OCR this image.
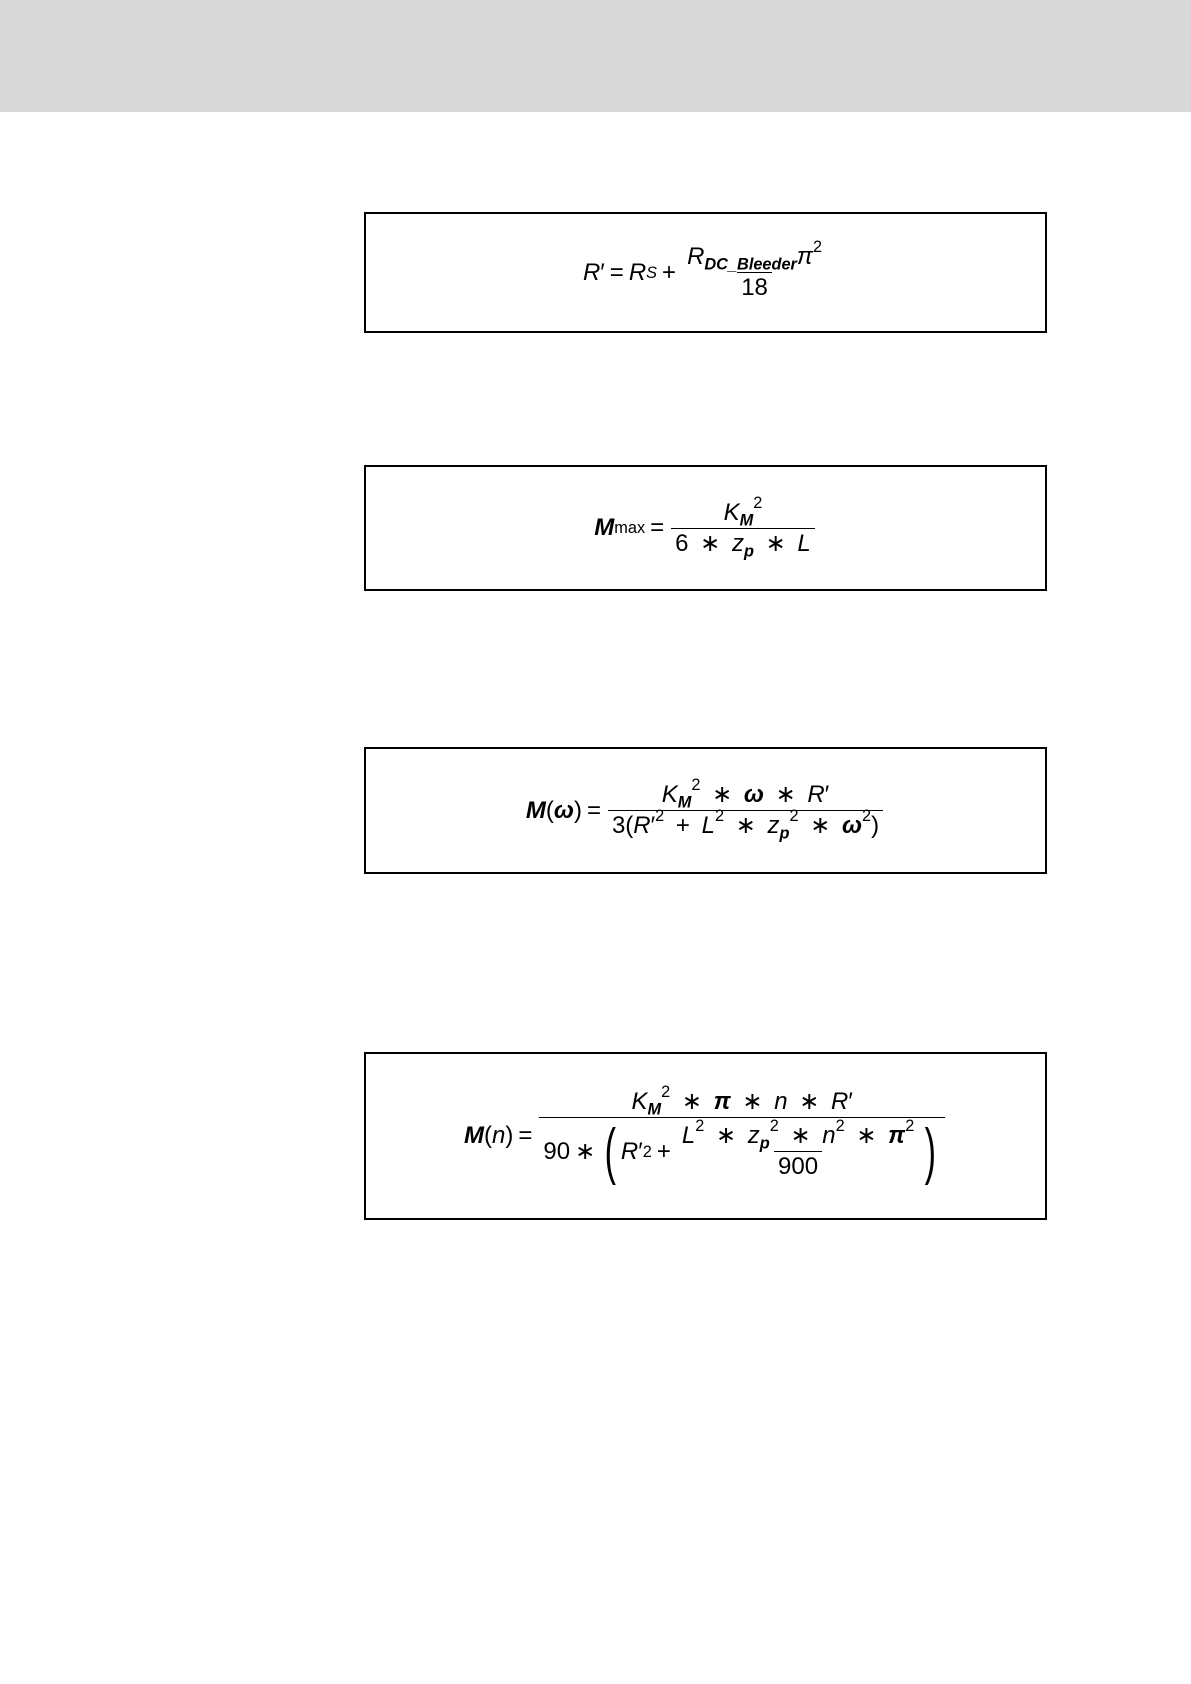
R ′ = R $S + \frac{R_{DC\_Bleeder}\pi^2}{18}$
M $\max = \frac{K_M^2}{6 ∗ z_p ∗ L}$
M ( ω ) =
$K_M^2$ ∗ ω ∗ R′
$3(R'^2 + L^2$ ∗ $z_p^2$ ∗ $\omega^2$)
M ( n ) =
$K_M^2$ ∗ π ∗ n ∗ R′
90 ∗ ( R ′ 2 +
$L^2$ ∗ $z_p^2$ ∗ $n^2$ ∗ $\pi^2$
900 )
